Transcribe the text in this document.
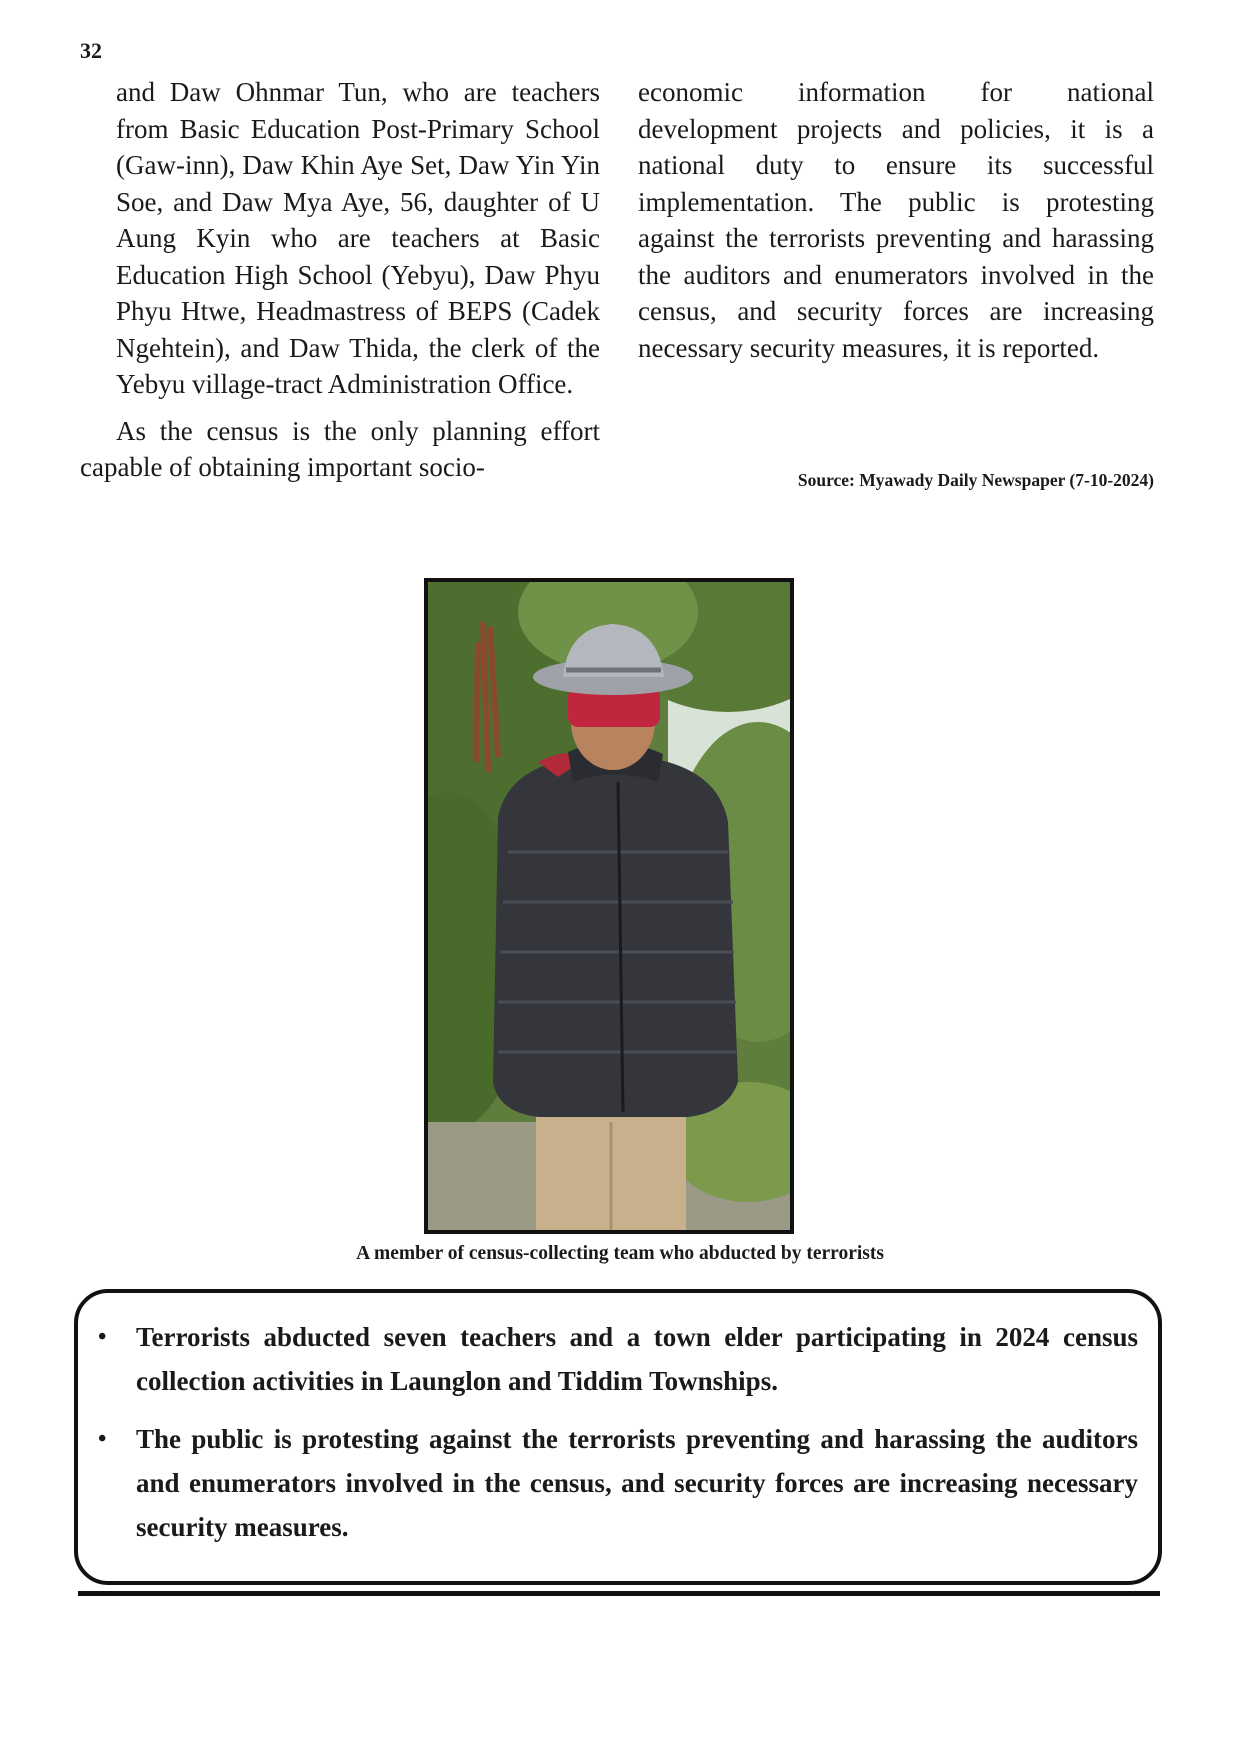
32

and Daw Ohnmar Tun, who are teachers from Basic Education Post-Primary School (Gaw-inn), Daw Khin Aye Set, Daw Yin Yin Soe, and Daw Mya Aye, 56, daughter of U Aung Kyin who are teachers at Basic Education High School (Yebyu), Daw Phyu Phyu Htwe, Headmastress of BEPS (Cadek Ngehtein), and Daw Thida, the clerk of the Yebyu village-tract Administration Office.

As the census is the only planning effort capable of obtaining important socio-

economic information for national development projects and policies, it is a national duty to ensure its successful implementation. The public is protesting against the terrorists preventing and harassing the auditors and enumerators involved in the census, and security forces are increasing necessary security measures, it is reported.

Source: Myawady Daily Newspaper (7-10-2024)
A member of census-collecting team who abducted by terrorists
• Terrorists abducted seven teachers and a town elder participating in 2024 census collection activities in Launglon and Tiddim Townships.
• The public is protesting against the terrorists preventing and harassing the auditors and enumerators involved in the census, and security forces are increasing necessary security measures.
